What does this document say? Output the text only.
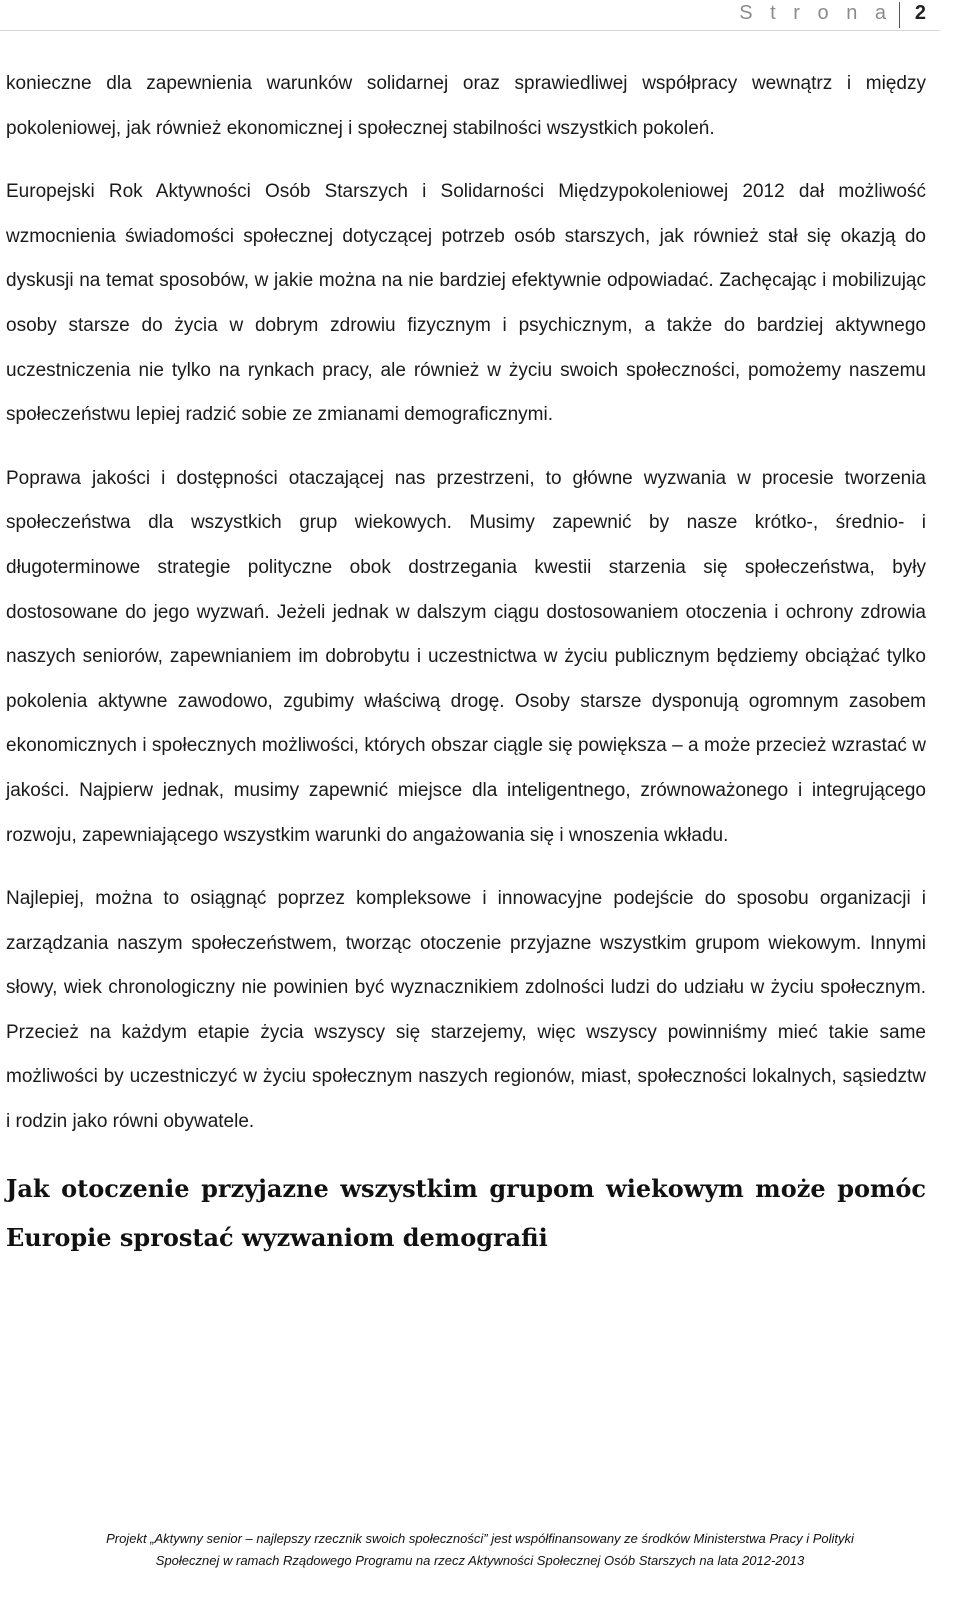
S t r o n a 2

konieczne dla zapewnienia warunków solidarnej oraz sprawiedliwej współpracy wewnątrz i między pokoleniowej, jak również ekonomicznej i społecznej stabilności wszystkich pokoleń.

Europejski Rok Aktywności Osób Starszych i Solidarności Międzypokoleniowej 2012 dał możliwość wzmocnienia świadomości społecznej dotyczącej potrzeb osób starszych, jak również stał się okazją do dyskusji na temat sposobów, w jakie można na nie bardziej efektywnie odpowiadać. Zachęcając i mobilizując osoby starsze do życia w dobrym zdrowiu fizycznym i psychicznym, a także do bardziej aktywnego uczestniczenia nie tylko na rynkach pracy, ale również w życiu swoich społeczności, pomożemy naszemu społeczeństwu lepiej radzić sobie ze zmianami demograficznymi.

Poprawa jakości i dostępności otaczającej nas przestrzeni, to główne wyzwania w procesie tworzenia społeczeństwa dla wszystkich grup wiekowych. Musimy zapewnić by nasze krótko-, średnio- i długoterminowe strategie polityczne obok dostrzegania kwestii starzenia się społeczeństwa, były dostosowane do jego wyzwań. Jeżeli jednak w dalszym ciągu dostosowaniem otoczenia i ochrony zdrowia naszych seniorów, zapewnianiem im dobrobytu i uczestnictwa w życiu publicznym będziemy obciążać tylko pokolenia aktywne zawodowo, zgubimy właściwą drogę. Osoby starsze dysponują ogromnym zasobem ekonomicznych i społecznych możliwości, których obszar ciągle się powiększa – a może przecież wzrastać w jakości. Najpierw jednak, musimy zapewnić miejsce dla inteligentnego, zrównoważonego i integrującego rozwoju, zapewniającego wszystkim warunki do angażowania się i wnoszenia wkładu.

Najlepiej, można to osiągnąć poprzez kompleksowe i innowacyjne podejście do sposobu organizacji i zarządzania naszym społeczeństwem, tworząc otoczenie przyjazne wszystkim grupom wiekowym. Innymi słowy, wiek chronologiczny nie powinien być wyznacznikiem zdolności ludzi do udziału w życiu społecznym. Przecież na każdym etapie życia wszyscy się starzejemy, więc wszyscy powinniśmy mieć takie same możliwości by uczestniczyć w życiu społecznym naszych regionów, miast, społeczności lokalnych, sąsiedztw i rodzin jako równi obywatele.

Jak otoczenie przyjazne wszystkim grupom wiekowym może pomóc Europie sprostać wyzwaniom demografii
Projekt „Aktywny senior – najlepszy rzecznik swoich społeczności” jest współfinansowany ze środków Ministerstwa Pracy i Polityki
Społecznej w ramach Rządowego Programu na rzecz Aktywności Społecznej Osób Starszych na lata 2012-2013
